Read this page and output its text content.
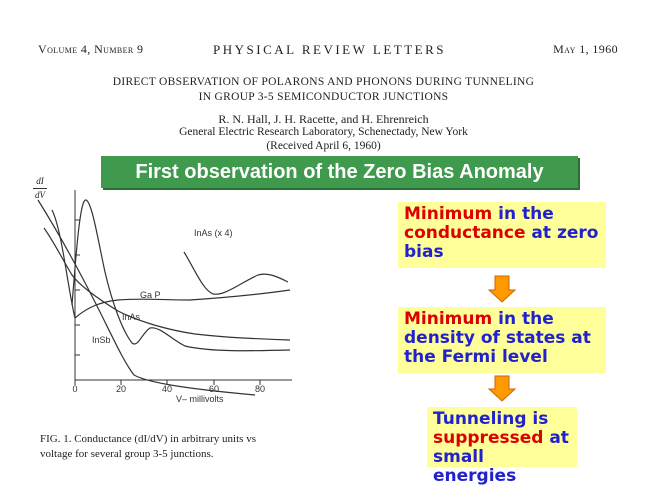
Volume 4, Number 9	PHYSICAL REVIEW LETTERS	May 1, 1960
DIRECT OBSERVATION OF POLARONS AND PHONONS DURING TUNNELING
IN GROUP 3-5 SEMICONDUCTOR JUNCTIONS
R. N. Hall, J. H. Racette, and H. Ehrenreich
General Electric Research Laboratory, Schenectady, New York
(Received April 6, 1960)
First observation of the Zero Bias Anomaly
dI
dV
InAs (x 4)
Ga P
InAs
InSb
0	20	40	60	80
V– millivolts
FIG. 1. Conductance (dI/dV) in arbitrary units vs
voltage for several group 3-5 junctions.
Minimum in the
conductance at zero
bias
Minimum in the
density of states at
the Fermi level
Tunneling is
suppressed at
small energies
